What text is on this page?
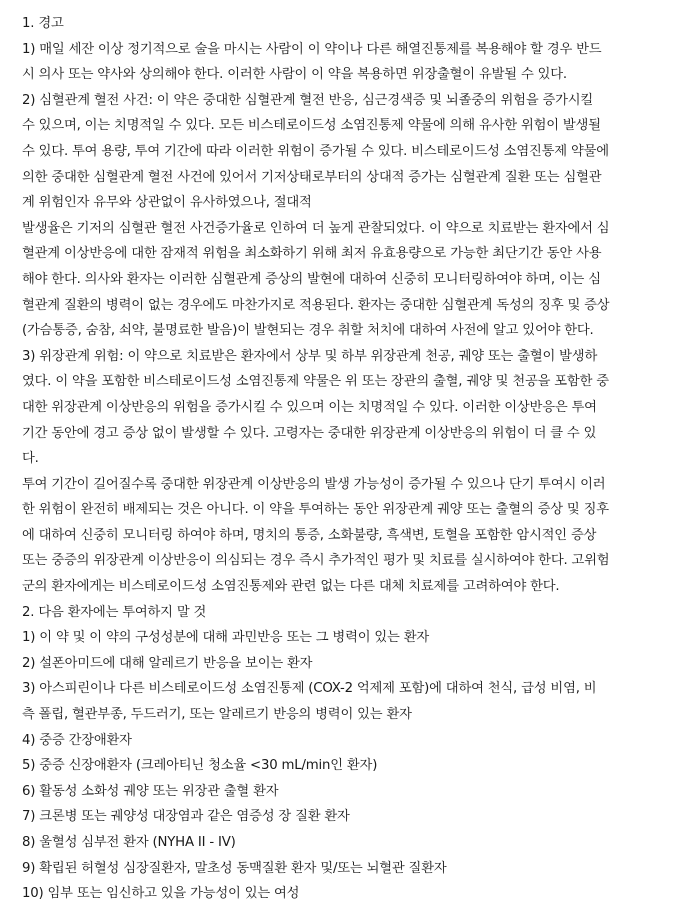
1. 경고
1) 매일 세잔 이상 정기적으로 술을 마시는 사람이 이 약이나 다른 해열진통제를 복용해야 할 경우 반드
시 의사 또는 약사와 상의해야 한다. 이러한 사람이 이 약을 복용하면 위장출혈이 유발될 수 있다.
2) 심혈관계 혈전 사건: 이 약은 중대한 심혈관계 혈전 반응, 심근경색증 및 뇌졸중의 위험을 증가시킬
수 있으며, 이는 치명적일 수 있다. 모든 비스테로이드성 소염진통제 약물에 의해 유사한 위험이 발생될
수 있다. 투여 용량, 투여 기간에 따라 이러한 위험이 증가될 수 있다. 비스테로이드성 소염진통제 약물에
의한 중대한 심혈관계 혈전 사건에 있어서 기저상태로부터의 상대적 증가는 심혈관계 질환 또는 심혈관
계 위험인자 유무와 상관없이 유사하였으나, 절대적
발생율은 기저의 심혈관 혈전 사건증가율로 인하여 더 높게 관찰되었다. 이 약으로 치료받는 환자에서 심
혈관계 이상반응에 대한 잠재적 위험을 최소화하기 위해 최저 유효용량으로 가능한 최단기간 동안 사용
해야 한다. 의사와 환자는 이러한 심혈관계 증상의 발현에 대하여 신중히 모니터링하여야 하며, 이는 심
혈관계 질환의 병력이 없는 경우에도 마찬가지로 적용된다. 환자는 중대한 심혈관계 독성의 징후 및 증상
(가슴통증, 숨참, 쇠약, 불명료한 발음)이 발현되는 경우 취할 처치에 대하여 사전에 알고 있어야 한다.
3) 위장관계 위험: 이 약으로 치료받은 환자에서 상부 및 하부 위장관계 천공, 궤양 또는 출혈이 발생하
였다. 이 약을 포함한 비스테로이드성 소염진통제 약물은 위 또는 장관의 출혈, 궤양 및 천공을 포함한 중
대한 위장관계 이상반응의 위험을 증가시킬 수 있으며 이는 치명적일 수 있다. 이러한 이상반응은 투여
기간 동안에 경고 증상 없이 발생할 수 있다. 고령자는 중대한 위장관계 이상반응의 위험이 더 클 수 있
다.
투여 기간이 길어질수록 중대한 위장관계 이상반응의 발생 가능성이 증가될 수 있으나 단기 투여시 이러
한 위험이 완전히 배제되는 것은 아니다. 이 약을 투여하는 동안 위장관계 궤양 또는 출혈의 증상 및 징후
에 대하여 신중히 모니터링 하여야 하며, 명치의 통증, 소화불량, 흑색변, 토혈을 포함한 암시적인 증상
또는 중증의 위장관계 이상반응이 의심되는 경우 즉시 추가적인 평가 및 치료를 실시하여야 한다. 고위험
군의 환자에게는 비스테로이드성 소염진통제와 관련 없는 다른 대체 치료제를 고려하여야 한다.
2. 다음 환자에는 투여하지 말 것
1) 이 약 및 이 약의 구성성분에 대해 과민반응 또는 그 병력이 있는 환자
2) 설폰아미드에 대해 알레르기 반응을 보이는 환자
3) 아스피린이나 다른 비스테로이드성 소염진통제 (COX-2 억제제 포함)에 대하여 천식, 급성 비염, 비
측 폴립, 혈관부종, 두드러기, 또는 알레르기 반응의 병력이 있는 환자
4) 중증 간장애환자
5) 중증 신장애환자 (크레아티닌 청소율 <30 mL/min인 환자)
6) 활동성 소화성 궤양 또는 위장관 출혈 환자
7) 크론병 또는 궤양성 대장염과 같은 염증성 장 질환 환자
8) 울혈성 심부전 환자 (NYHA II - IV)
9) 확립된 허혈성 심장질환자, 말초성 동맥질환 환자 및/또는 뇌혈관 질환자
10) 임부 또는 임신하고 있을 가능성이 있는 여성
